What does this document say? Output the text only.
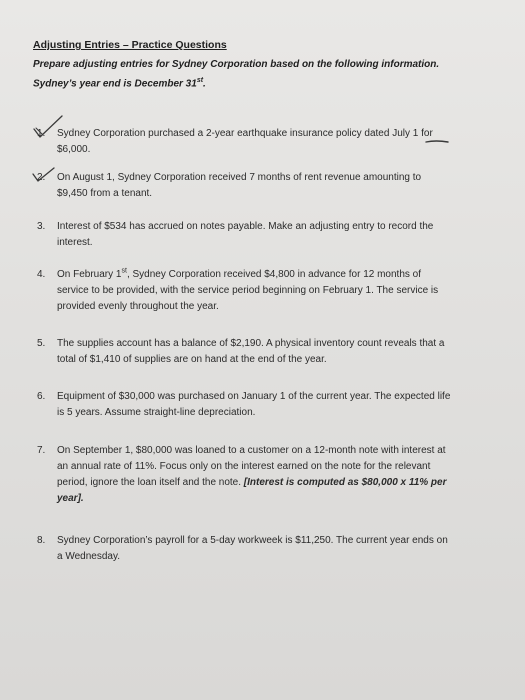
Adjusting Entries – Practice Questions
Prepare adjusting entries for Sydney Corporation based on the following information.
Sydney’s year end is December 31st.
1.	Sydney Corporation purchased a 2-year earthquake insurance policy dated July 1 for
$6,000.
2.	On August 1, Sydney Corporation received 7 months of rent revenue amounting to
$9,450 from a tenant.
3.	Interest of $534 has accrued on notes payable. Make an adjusting entry to record the
interest.
4.	On February 1st, Sydney Corporation received $4,800 in advance for 12 months of
service to be provided, with the service period beginning on February 1. The service is
provided evenly throughout the year.
5.	The supplies account has a balance of $2,190. A physical inventory count reveals that a
total of $1,410 of supplies are on hand at the end of the year.
6.	Equipment of $30,000 was purchased on January 1 of the current year. The expected life
is 5 years. Assume straight-line depreciation.
7.	On September 1, $80,000 was loaned to a customer on a 12-month note with interest at
an annual rate of 11%. Focus only on the interest earned on the note for the relevant
period, ignore the loan itself and the note. [Interest is computed as $80,000 x 11% per
year].
8.	Sydney Corporation’s payroll for a 5-day workweek is $11,250. The current year ends on
a Wednesday.
